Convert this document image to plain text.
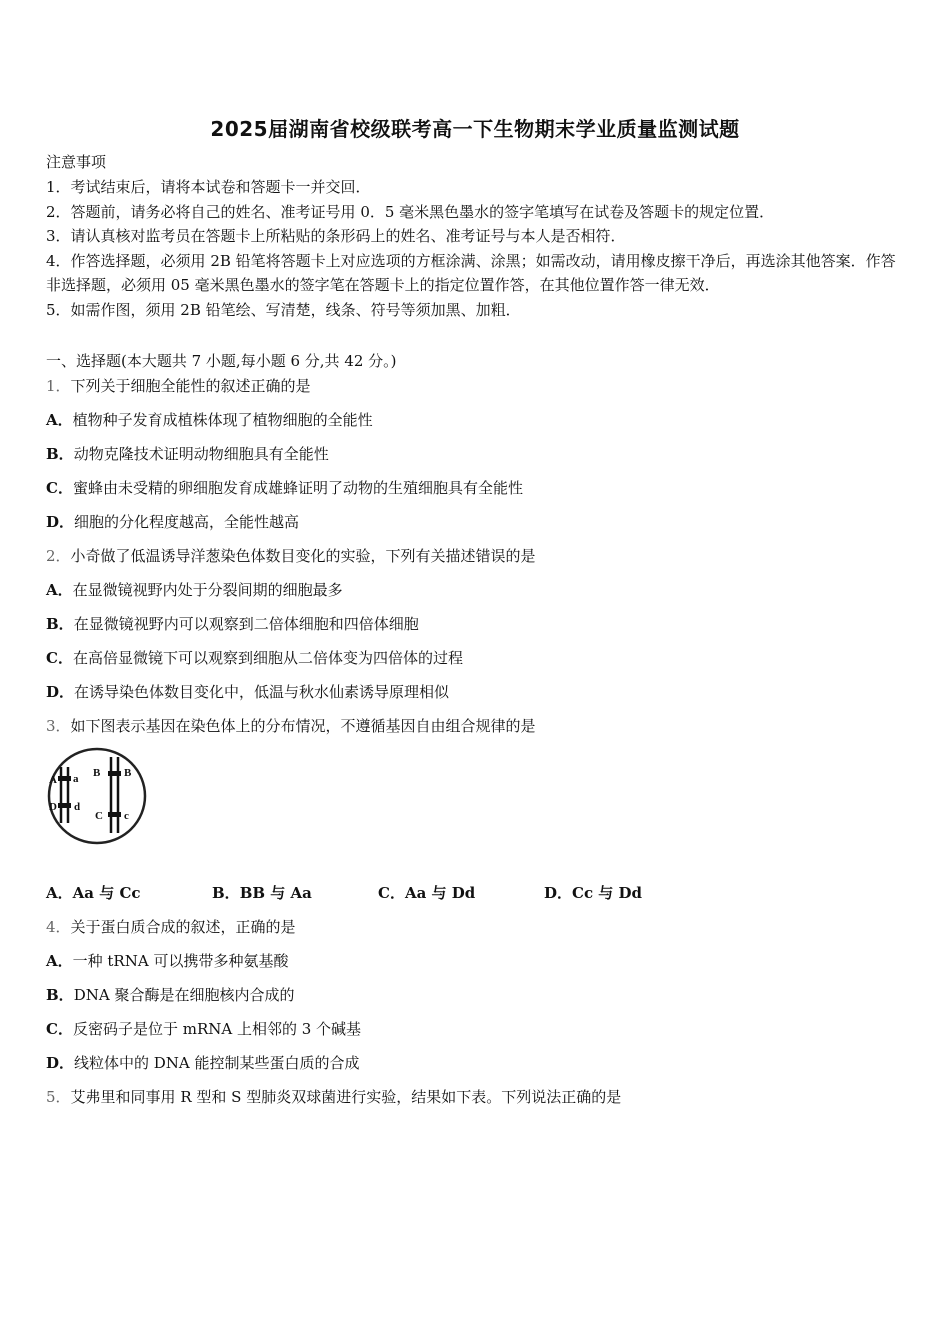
2025届湖南省校级联考高一下生物期末学业质量监测试题
注意事项

1．考试结束后，请将本试卷和答题卡一并交回．

2．答题前，请务必将自己的姓名、准考证号用 0．5 毫米黑色墨水的签字笔填写在试卷及答题卡的规定位置．

3．请认真核对监考员在答题卡上所粘贴的条形码上的姓名、准考证号与本人是否相符．

4．作答选择题，必须用 2B 铅笔将答题卡上对应选项的方框涂满、涂黑；如需改动，请用橡皮擦干净后，再选涂其他答案．作答非选择题，必须用 05 毫米黑色墨水的签字笔在答题卡上的指定位置作答，在其他位置作答一律无效．

5．如需作图，须用 2B 铅笔绘、写清楚，线条、符号等须加黑、加粗．

一、选择题(本大题共 7 小题,每小题 6 分,共 42 分。)
1．下列关于细胞全能性的叙述正确的是
A．植物种子发育成植株体现了植物细胞的全能性
B．动物克隆技术证明动物细胞具有全能性
C．蜜蜂由未受精的卵细胞发育成雄蜂证明了动物的生殖细胞具有全能性
D．细胞的分化程度越高，全能性越高
2．小奇做了低温诱导洋葱染色体数目变化的实验，下列有关描述错误的是
A．在显微镜视野内处于分裂间期的细胞最多
B．在显微镜视野内可以观察到二倍体细胞和四倍体细胞
C．在高倍显微镜下可以观察到细胞从二倍体变为四倍体的过程
D．在诱导染色体数目变化中，低温与秋水仙素诱导原理相似
3．如下图表示基因在染色体上的分布情况，不遵循基因自由组合规律的是
A a B B
D d
C c
A．Aa 与 Cc	B．BB 与 Aa	C．Aa 与 Dd	D．Cc 与 Dd
4．关于蛋白质合成的叙述，正确的是
A．一种 tRNA 可以携带多种氨基酸
B．DNA 聚合酶是在细胞核内合成的
C．反密码子是位于 mRNA 上相邻的 3 个碱基
D．线粒体中的 DNA 能控制某些蛋白质的合成
5．艾弗里和同事用 R 型和 S 型肺炎双球菌进行实验，结果如下表。下列说法正确的是
